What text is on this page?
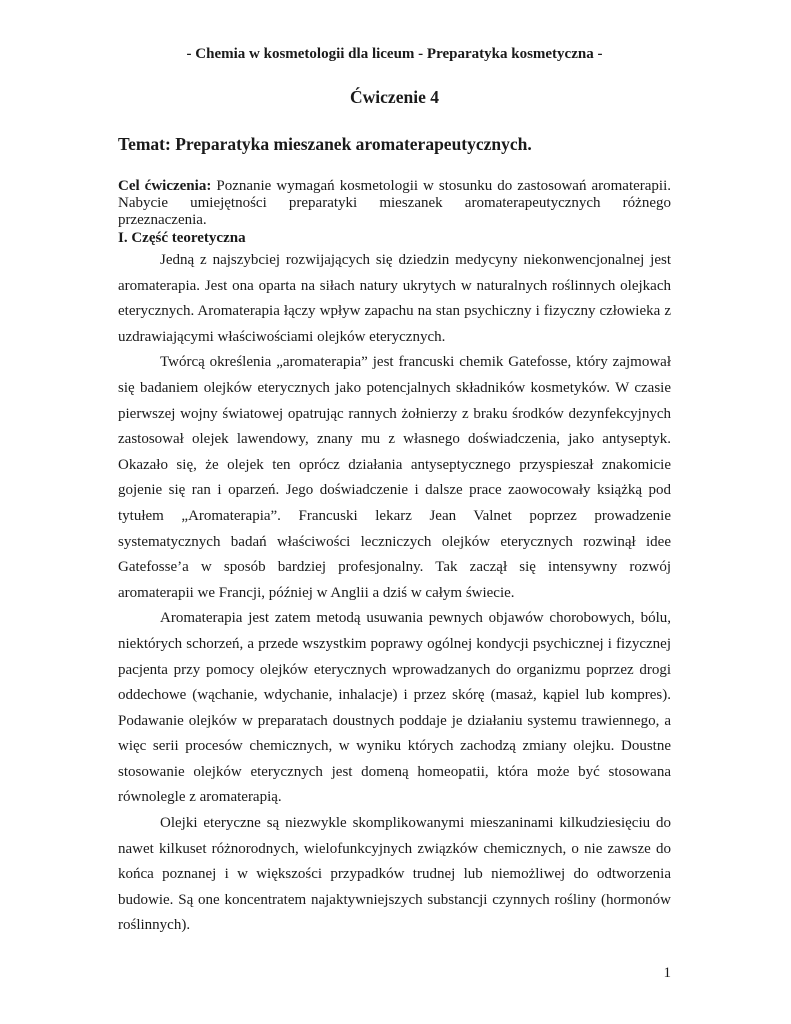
- Chemia w kosmetologii dla liceum - Preparatyka kosmetyczna -
Ćwiczenie 4
Temat: Preparatyka mieszanek aromaterapeutycznych.
Cel ćwiczenia: Poznanie wymagań kosmetologii w stosunku do zastosowań aromaterapii. Nabycie umiejętności preparatyki mieszanek aromaterapeutycznych różnego przeznaczenia.
I. Część teoretyczna

Jedną z najszybciej rozwijających się dziedzin medycyny niekonwencjonalnej jest aromaterapia. Jest ona oparta na siłach natury ukrytych w naturalnych roślinnych olejkach eterycznych. Aromaterapia łączy wpływ zapachu na stan psychiczny i fizyczny człowieka z uzdrawiającymi właściwościami olejków eterycznych.

Twórcą określenia „aromaterapia” jest francuski chemik Gatefosse, który zajmował się badaniem olejków eterycznych jako potencjalnych składników kosmetyków. W czasie pierwszej wojny światowej opatrując rannych żołnierzy z braku środków dezynfekcyjnych zastosował olejek lawendowy, znany mu z własnego doświadczenia, jako antyseptyk. Okazało się, że olejek ten oprócz działania antyseptycznego przyspieszał znakomicie gojenie się ran i oparzeń. Jego doświadczenie i dalsze prace zaowocowały książką pod tytułem „Aromaterapia”. Francuski lekarz Jean Valnet poprzez prowadzenie systematycznych badań właściwości leczniczych olejków eterycznych rozwinął idee Gatefosse’a w sposób bardziej profesjonalny. Tak zaczął się intensywny rozwój aromaterapii we Francji, później w Anglii a dziś w całym świecie.

Aromaterapia jest zatem metodą usuwania pewnych objawów chorobowych, bólu, niektórych schorzeń, a przede wszystkim poprawy ogólnej kondycji psychicznej i fizycznej pacjenta przy pomocy olejków eterycznych wprowadzanych do organizmu poprzez drogi oddechowe (wąchanie, wdychanie, inhalacje) i przez skórę (masaż, kąpiel lub kompres). Podawanie olejków w preparatach doustnych poddaje je działaniu systemu trawiennego, a więc serii procesów chemicznych, w wyniku których zachodzą zmiany olejku. Doustne stosowanie olejków eterycznych jest domeną homeopatii, która może być stosowana równolegle z aromaterapią.

Olejki eteryczne są niezwykle skomplikowanymi mieszaninami kilkudziesięciu do nawet kilkuset różnorodnych, wielofunkcyjnych związków chemicznych, o nie zawsze do końca poznanej i w większości przypadków trudnej lub niemożliwej do odtworzenia budowie. Są one koncentratem najaktywniejszych substancji czynnych rośliny (hormonów roślinnych).

1
